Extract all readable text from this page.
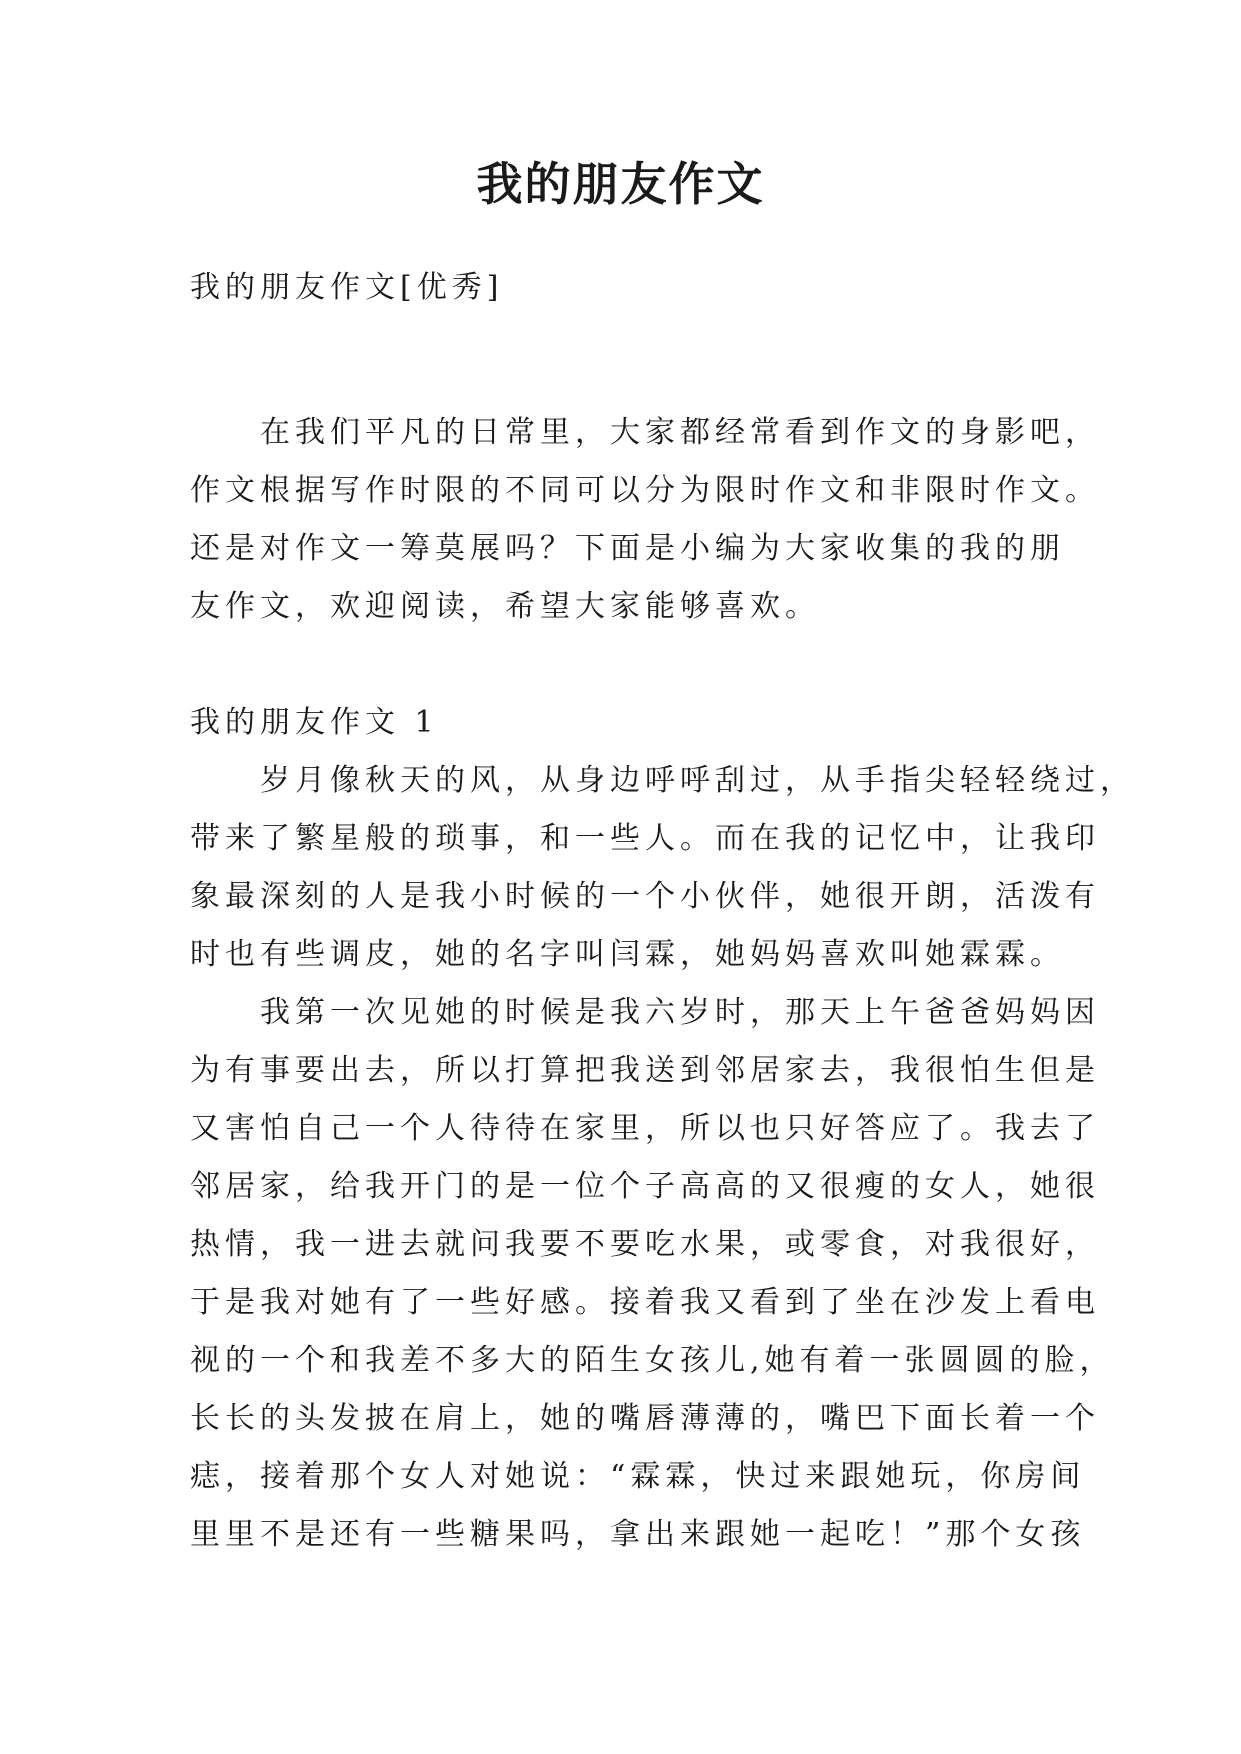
我的朋友作文

我的朋友作文[优秀]

在我们平凡的日常里，大家都经常看到作文的身影吧，
作文根据写作时限的不同可以分为限时作文和非限时作文。
还是对作文一筹莫展吗？下面是小编为大家收集的我的朋
友作文，欢迎阅读，希望大家能够喜欢。

我的朋友作文 1

岁月像秋天的风，从身边呼呼刮过，从手指尖轻轻绕过，
带来了繁星般的琐事，和一些人。而在我的记忆中，让我印
象最深刻的人是我小时候的一个小伙伴，她很开朗，活泼有
时也有些调皮，她的名字叫闫霖，她妈妈喜欢叫她霖霖。
我第一次见她的时候是我六岁时，那天上午爸爸妈妈因
为有事要出去，所以打算把我送到邻居家去，我很怕生但是
又害怕自己一个人待待在家里，所以也只好答应了。我去了
邻居家，给我开门的是一位个子高高的又很瘦的女人，她很
热情，我一进去就问我要不要吃水果，或零食，对我很好，
于是我对她有了一些好感。接着我又看到了坐在沙发上看电
视的一个和我差不多大的陌生女孩儿,她有着一张圆圆的脸，
长长的头发披在肩上，她的嘴唇薄薄的，嘴巴下面长着一个
痣，接着那个女人对她说：“霖霖，快过来跟她玩，你房间
里里不是还有一些糖果吗，拿出来跟她一起吃！”那个女孩
